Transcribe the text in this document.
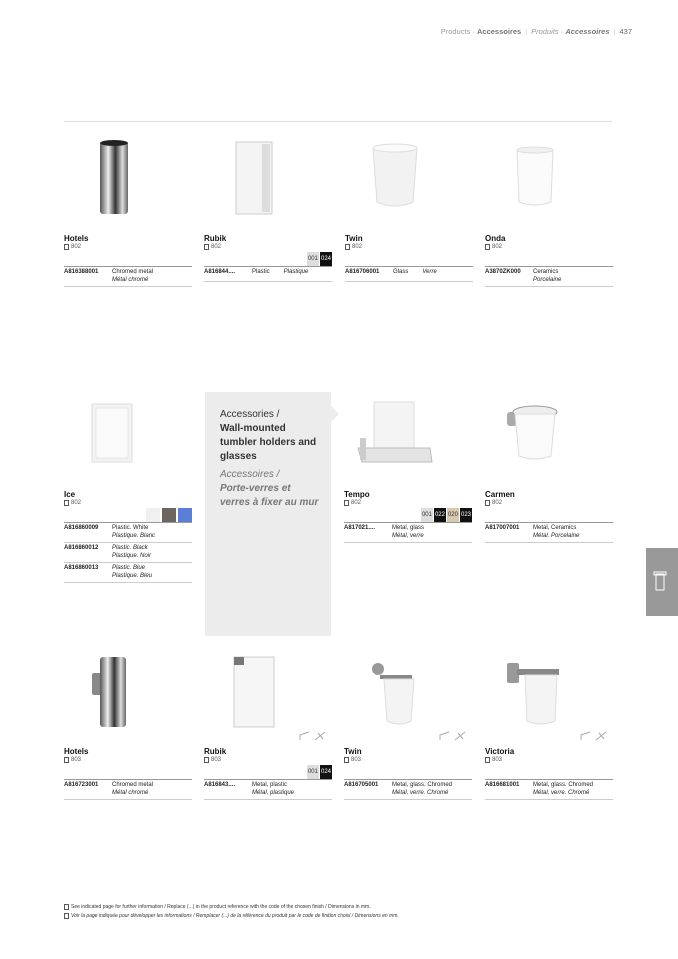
Products · Accessoires | Produits · Accessoires | 437
Hotels
802
A816388001	Chromed metal
Métal chromé
Rubik
802
001 024
A816844....	Plastic Plastique
Twin
802
A816706001	Glass Verre
Onda
802
A3870ZK000	Ceramics
Porcelaine
Ice
802
A816860009	Plastic. White
Plastique. Blanc
A816860012	Plastic. Black
Plastique. Noir
A816860013	Plastic. Blue
Plastique. Bleu
Accessories /
Wall-mounted tumbler holders and glasses
Accessoires /
Porte-verres et verres à fixer au mur
Tempo
802
001 022 020 023
A817021....	Metal, glass
Métal, verre
Carmen
802
A817007001	Metal, Ceramics
Métal. Porcelaine
Hotels
803
A816723001	Chromed metal
Métal chromé
Rubik
803
001 024
A816843....	Metal, plastic
Métal, plastique
Twin
803
A816705001	Metal, glass. Chromed
Métal, verre. Chromé
Victoria
803
A816681001	Metal, glass. Chromed
Métal, verre. Chromé
See indicated page for further information / Replace (...) in the product reference with the code of the chosen finish / Dimensions in mm.
Voir la page indiquée pour développer les informations / Remplacer (...) de la référence du produit par le code de finition choisi / Dimensions en mm.
